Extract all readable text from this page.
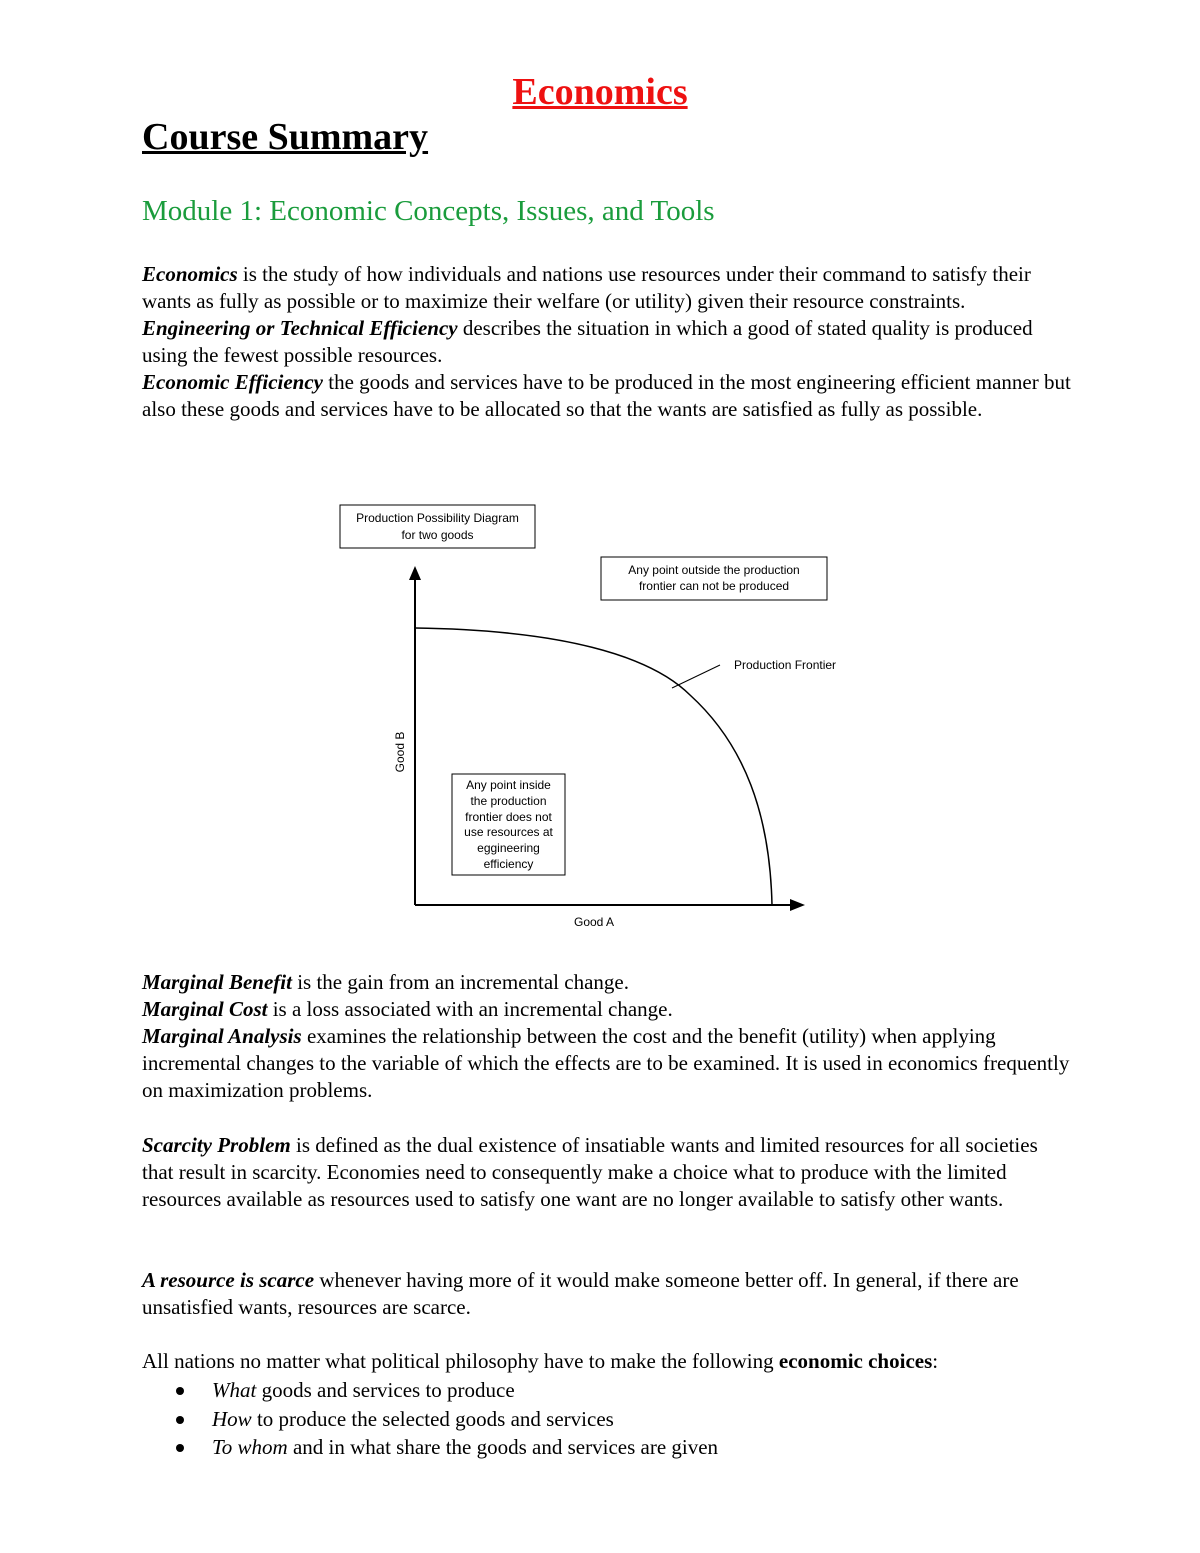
Economics
Course Summary
Module 1: Economic Concepts, Issues, and Tools

Economics is the study of how individuals and nations use resources under their command to satisfy their wants as fully as possible or to maximize their welfare (or utility) given their resource constraints.

Engineering or Technical Efficiency describes the situation in which a good of stated quality is produced using the fewest possible resources.

Economic Efficiency the goods and services have to be produced in the most engineering efficient manner but also these goods and services have to be allocated so that the wants are satisfied as fully as possible.

Production Possibility Diagram
for two goods
Any point outside the production
frontier can not be produced
Production Frontier
Good B
Good A
Any point inside
the production
frontier does not
use resources at
eggineering
efficiency

Marginal Benefit is the gain from an incremental change.

Marginal Cost is a loss associated with an incremental change.

Marginal Analysis examines the relationship between the cost and the benefit (utility) when applying incremental changes to the variable of which the effects are to be examined. It is used in economics frequently on maximization problems.

Scarcity Problem is defined as the dual existence of insatiable wants and limited resources for all societies that result in scarcity. Economies need to consequently make a choice what to produce with the limited resources available as resources used to satisfy one want are no longer available to satisfy other wants.

A resource is scarce whenever having more of it would make someone better off. In general, if there are unsatisfied wants, resources are scarce.

All nations no matter what political philosophy have to make the following economic choices:

What goods and services to produce
How to produce the selected goods and services
To whom and in what share the goods and services are given
